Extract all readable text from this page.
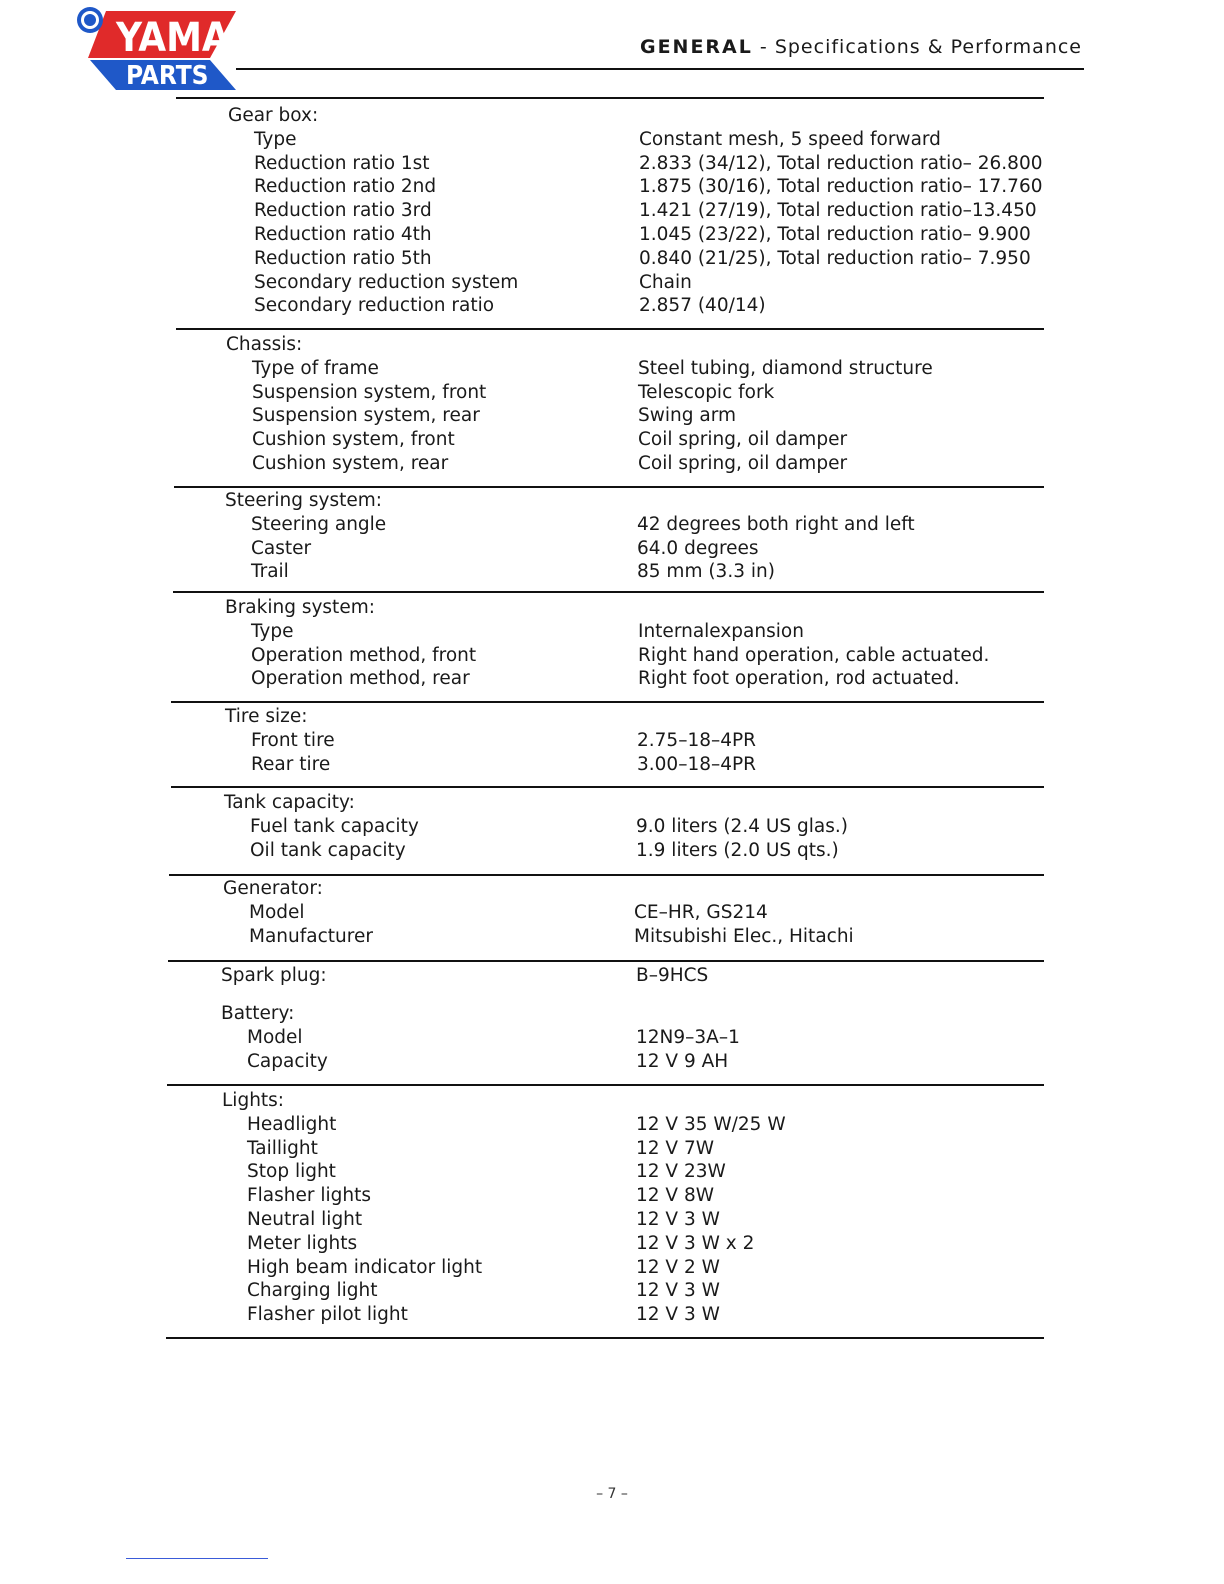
YAMA
PARTS
GENERAL - Specifications & Performance
Gear box:
Type	Constant mesh, 5 speed forward
Reduction ratio 1st	2.833 (34/12), Total reduction ratio– 26.800
Reduction ratio 2nd	1.875 (30/16), Total reduction ratio– 17.760
Reduction ratio 3rd	1.421 (27/19), Total reduction ratio–13.450
Reduction ratio 4th	1.045 (23/22), Total reduction ratio– 9.900
Reduction ratio 5th	0.840 (21/25), Total reduction ratio– 7.950
Secondary reduction system	Chain
Secondary reduction ratio	2.857 (40/14)
Chassis:
Type of frame	Steel tubing, diamond structure
Suspension system, front	Telescopic fork
Suspension system, rear	Swing arm
Cushion system, front	Coil spring, oil damper
Cushion system, rear	Coil spring, oil damper
Steering system:
Steering angle	42 degrees both right and left
Caster	64.0 degrees
Trail	85 mm (3.3 in)
Braking system:
Type	Internalexpansion
Operation method, front	Right hand operation, cable actuated.
Operation method, rear	Right foot operation, rod actuated.
Tire size:
Front tire	2.75–18–4PR
Rear tire	3.00–18–4PR
Tank capacity:
Fuel tank capacity	9.0 liters (2.4 US glas.)
Oil tank capacity	1.9 liters (2.0 US qts.)
Generator:
Model	CE–HR, GS214
Manufacturer	Mitsubishi Elec., Hitachi
Spark plug:	B–9HCS
Battery:
Model	12N9–3A–1
Capacity	12 V 9 AH
Lights:
Headlight	12 V 35 W/25 W
Taillight	12 V 7W
Stop light	12 V 23W
Flasher lights	12 V 8W
Neutral light	12 V 3 W
Meter lights	12 V 3 W x 2
High beam indicator light	12 V 2 W
Charging light	12 V 3 W
Flasher pilot light	12 V 3 W
– 7 –
